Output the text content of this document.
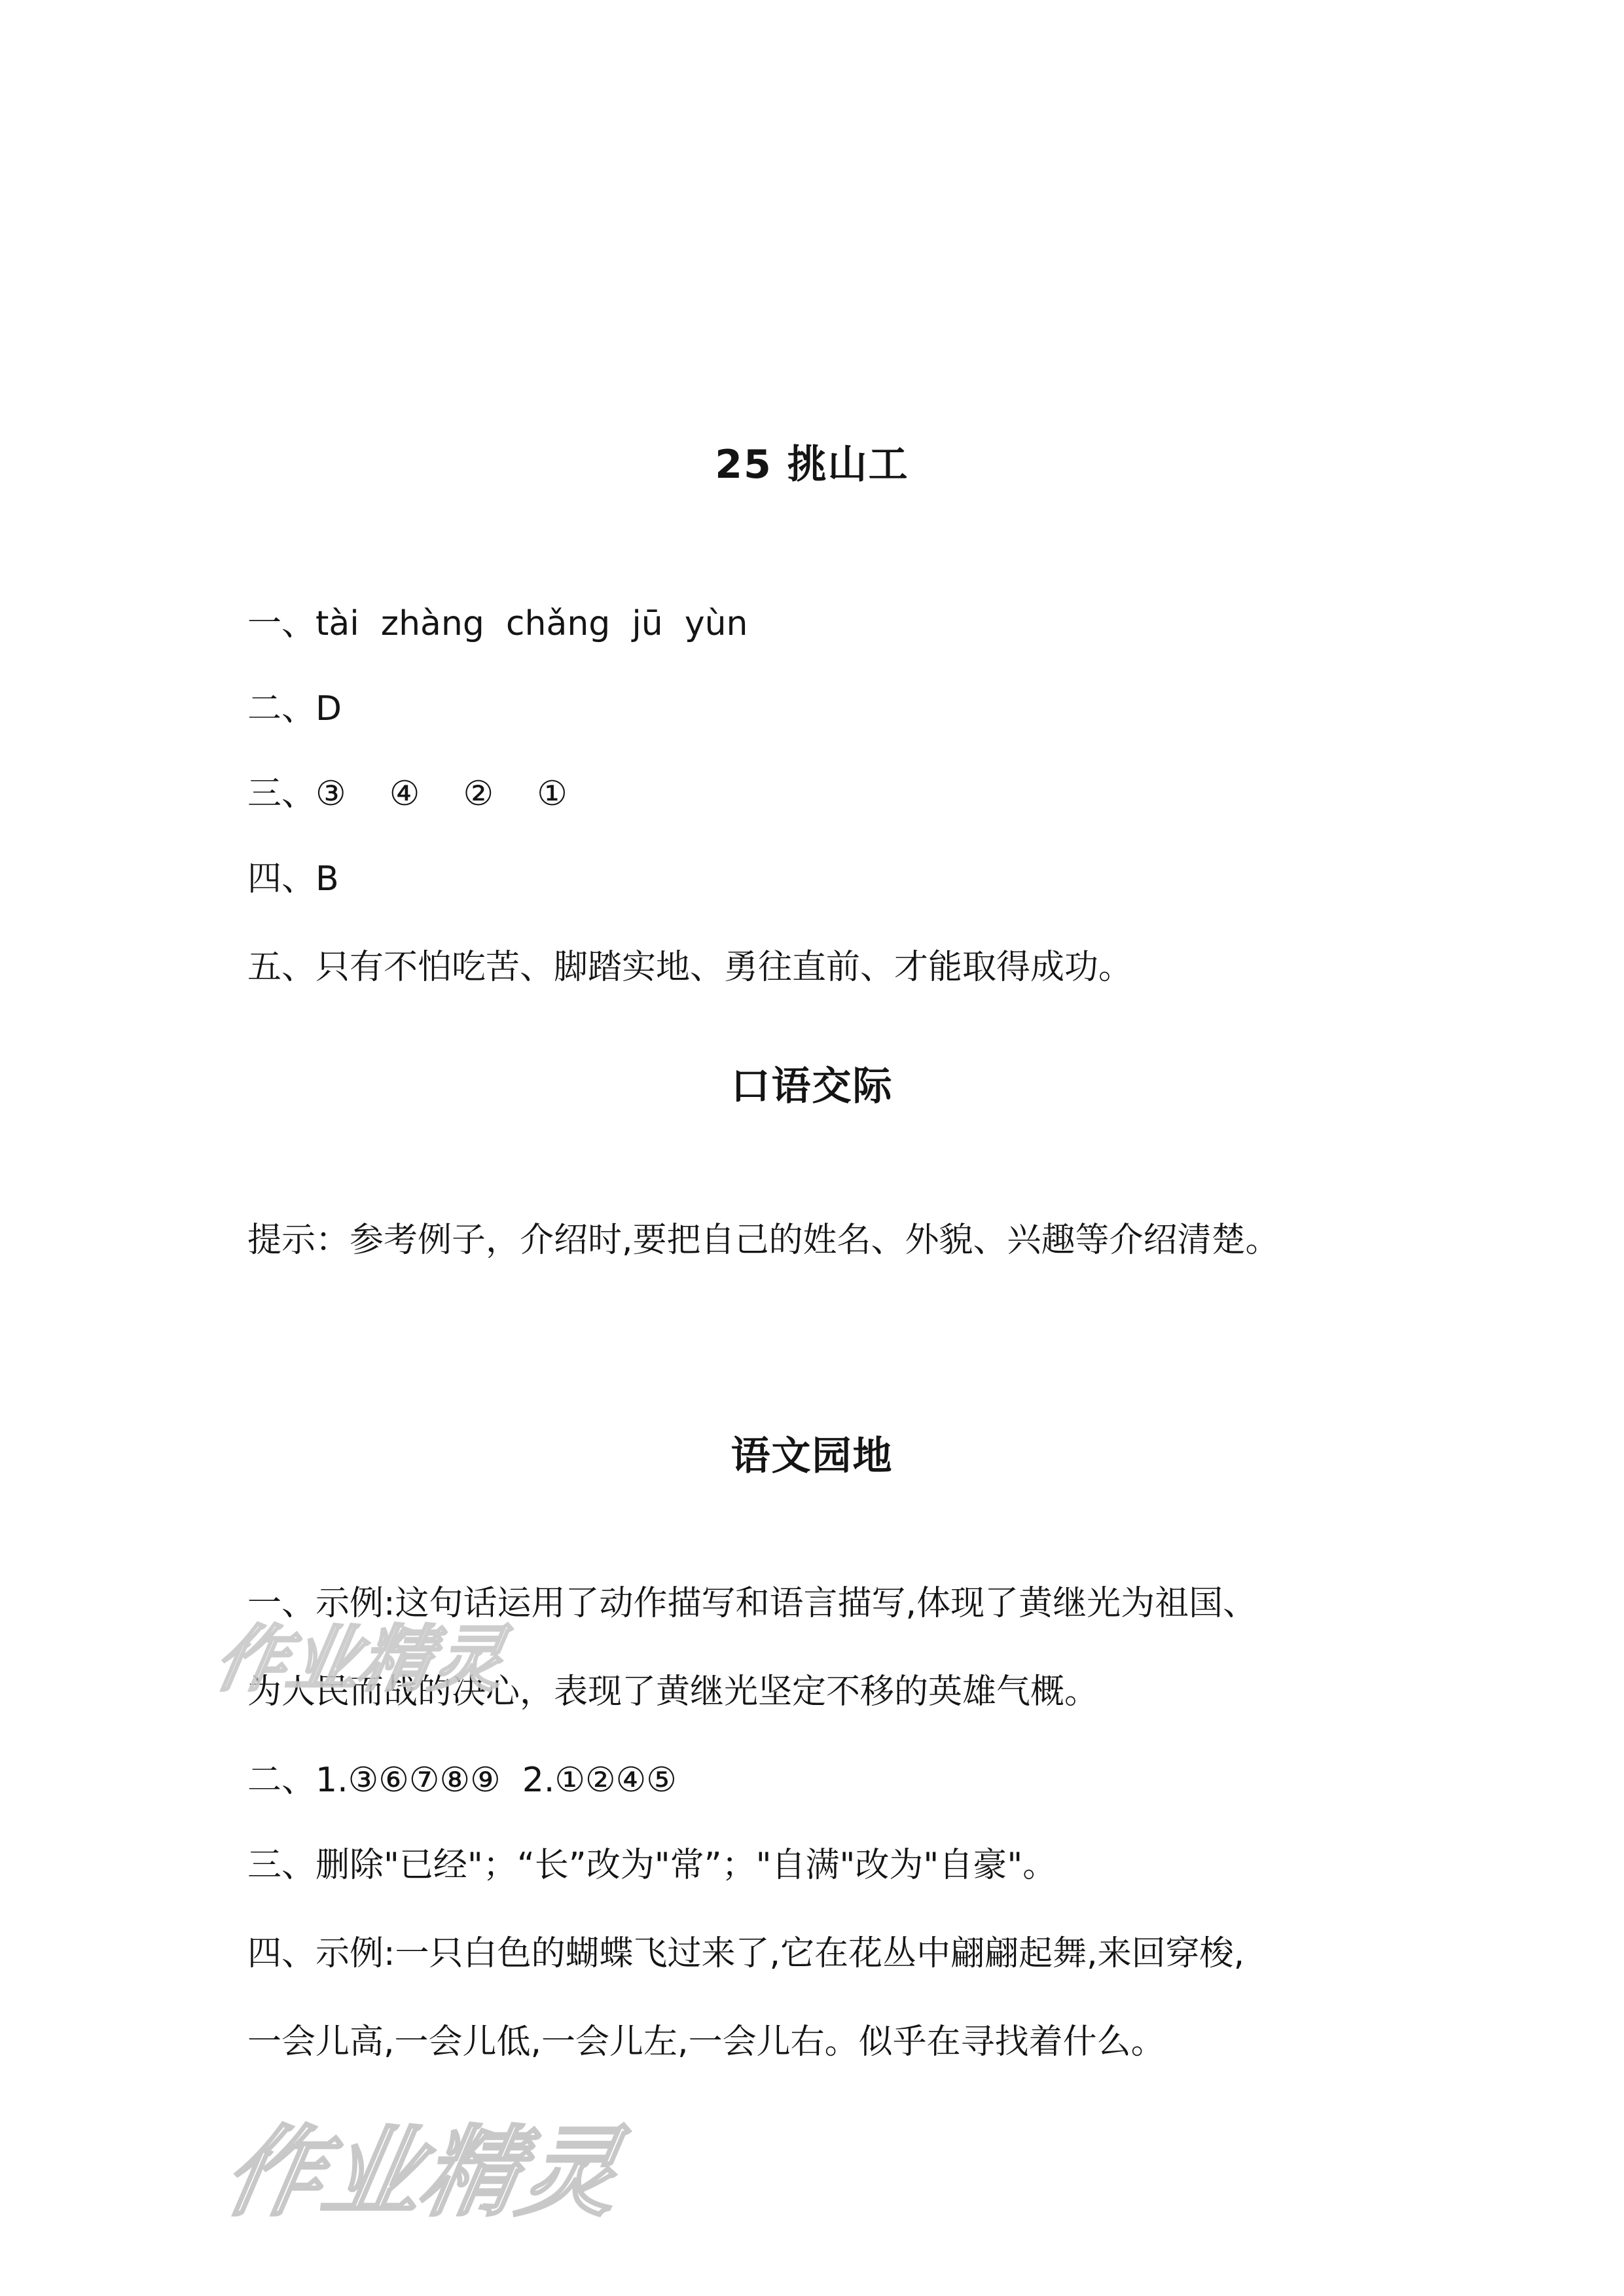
25 挑山工
一、tài  zhàng  chǎng  jū  yùn
二、D
三、③    ④    ②    ①
四、B
五、只有不怕吃苦、脚踏实地、勇往直前、才能取得成功。
口语交际
提示：参考例子，介绍时,要把自己的姓名、外貌、兴趣等介绍清楚。
语文园地
一、示例:这句话运用了动作描写和语言描写,体现了黄继光为祖国、
为人民而战的决心，表现了黄继光坚定不移的英雄气概。
二、1.③⑥⑦⑧⑨  2.①②④⑤
三、删除"已经"；“长”改为"常”；"自满"改为"自豪"。
四、示例:一只白色的蝴蝶飞过来了,它在花丛中翩翩起舞,来回穿梭,
一会儿高,一会儿低,一会儿左,一会儿右。似乎在寻找着什么。
作业精灵
作业精灵
